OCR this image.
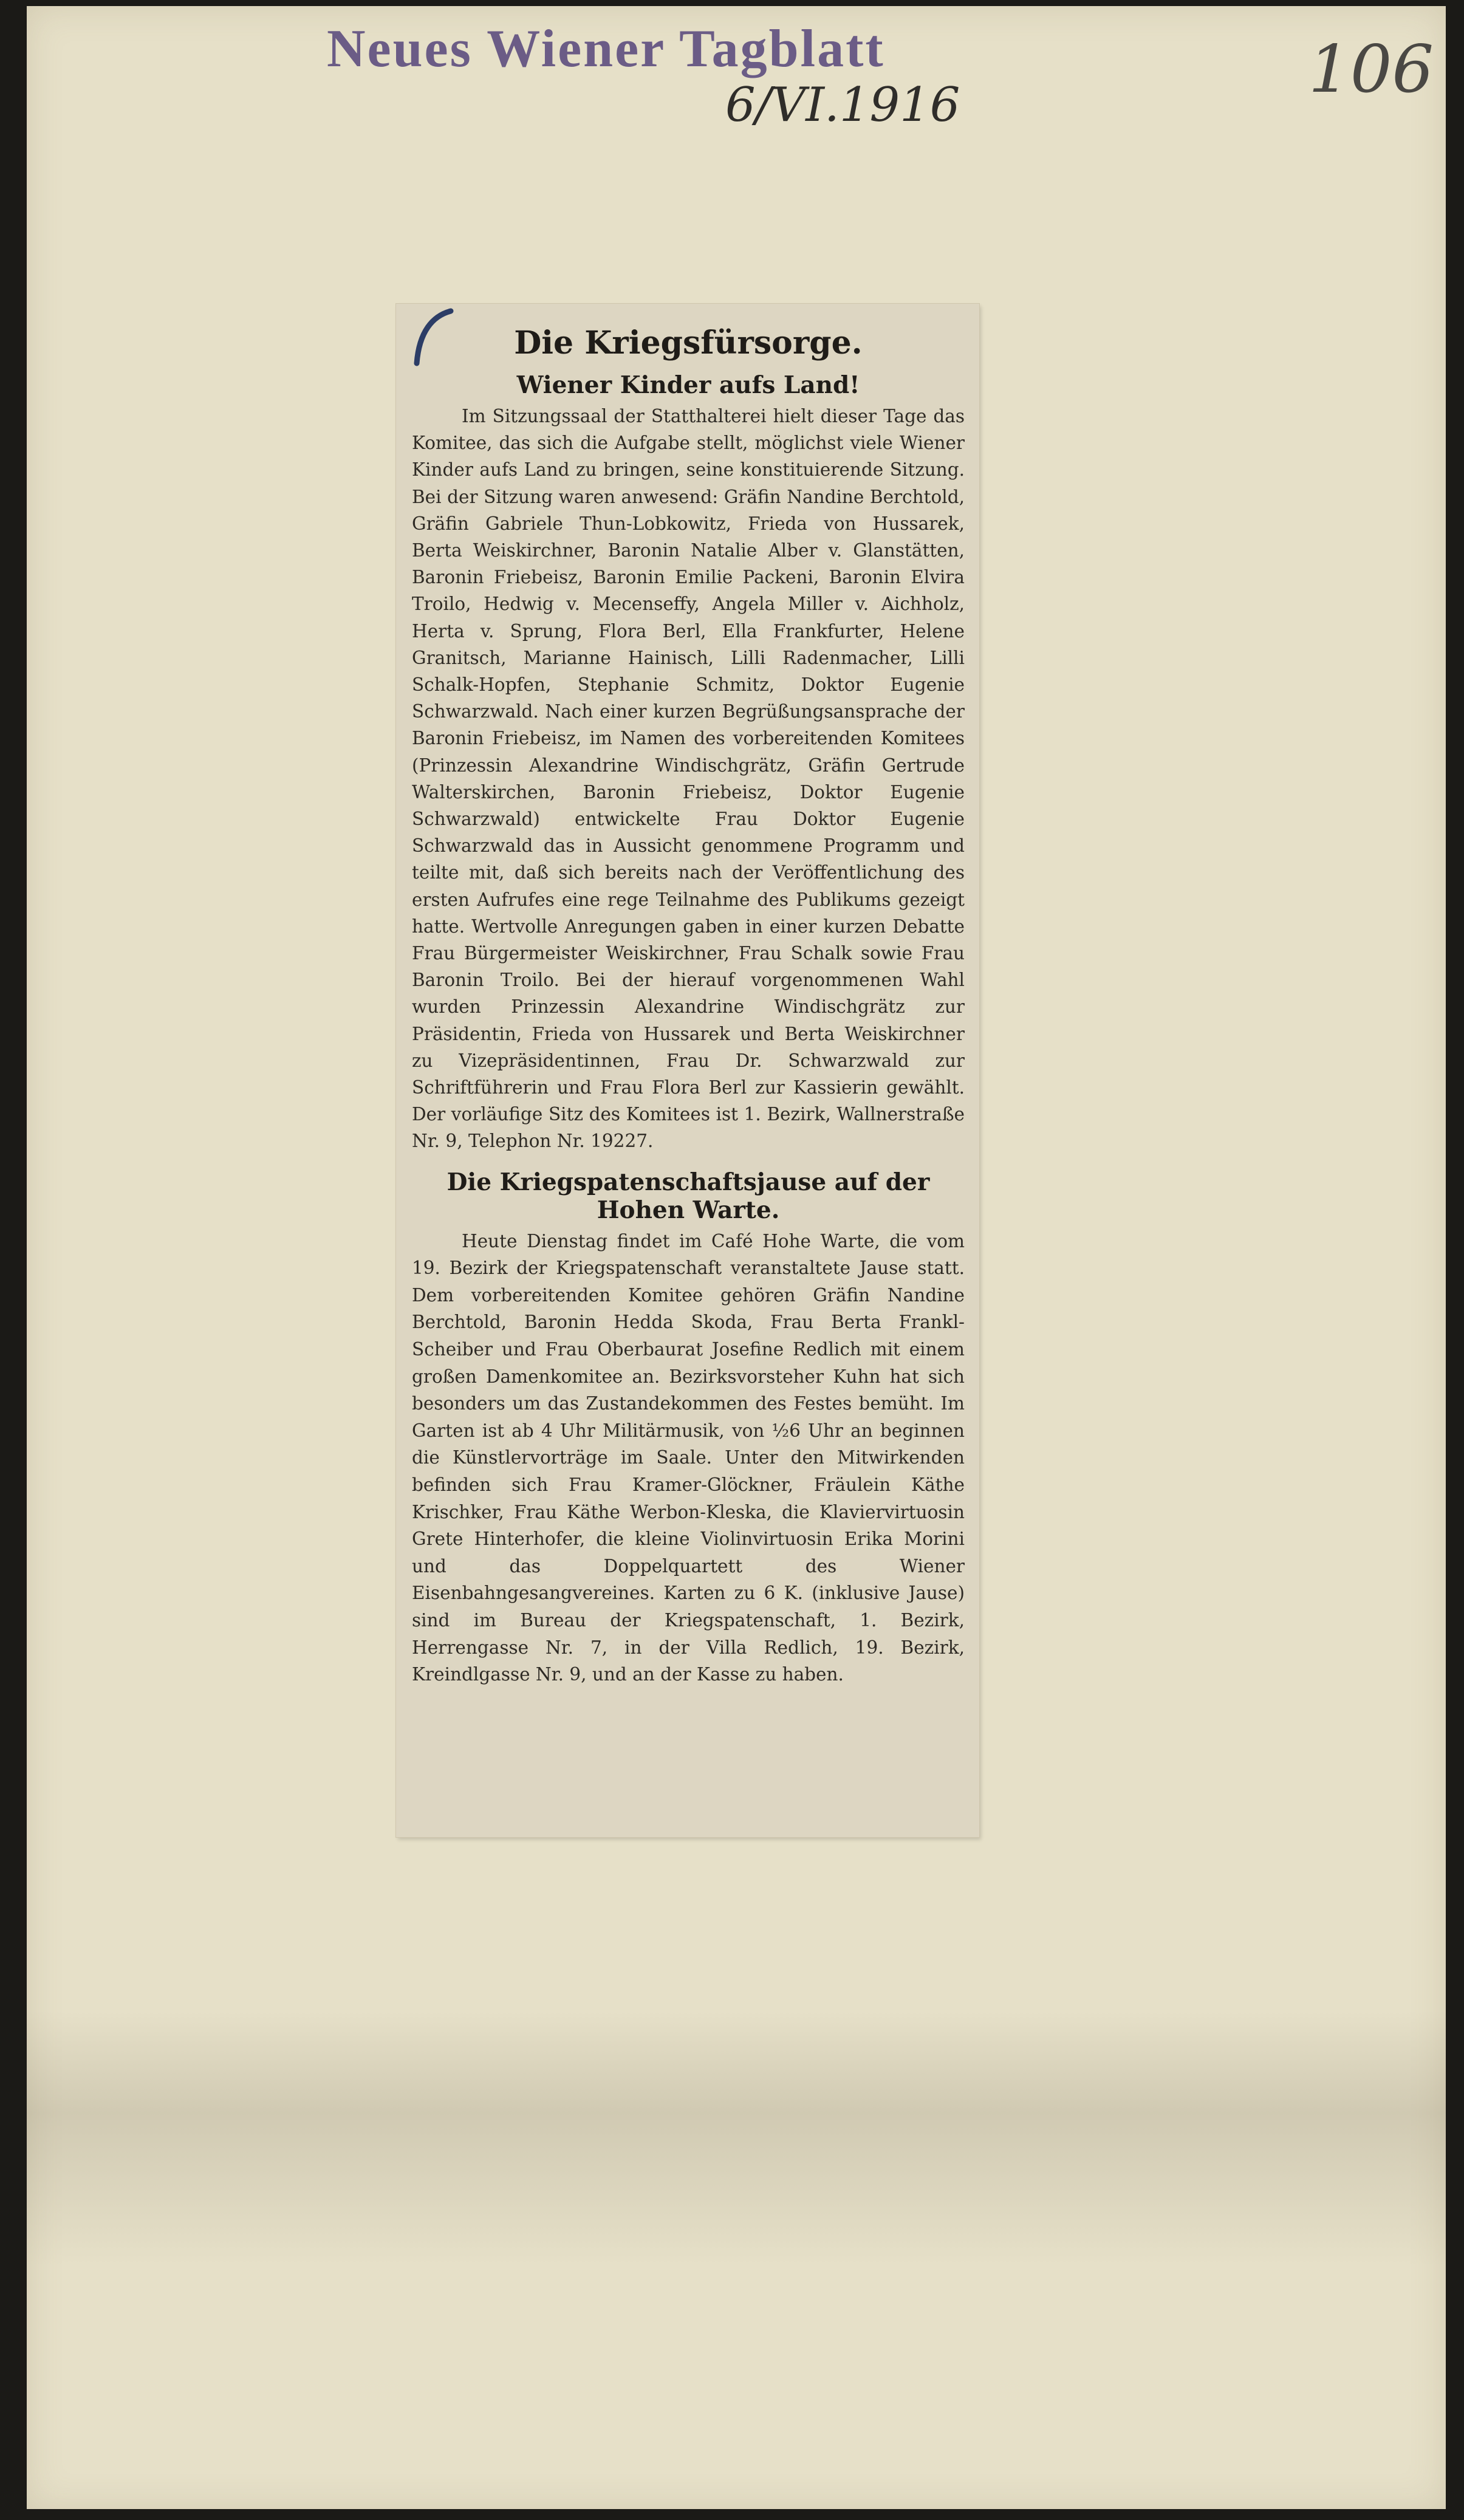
Neues Wiener Tagblatt
6/VI.1916	106
Die Kriegsfürsorge.
Wiener Kinder aufs Land!

Im Sitzungssaal der Statthalterei hielt dieser Tage das Komitee, das sich die Aufgabe stellt, möglichst viele Wiener Kinder aufs Land zu bringen, seine konstituierende Sitzung. Bei der Sitzung waren anwesend: Gräfin Nandine Berchtold, Gräfin Gabriele Thun-Lobkowitz, Frieda von Hussarek, Berta Weiskirchner, Baronin Natalie Alber v. Glanstätten, Baronin Friebeisz, Baronin Emilie Packeni, Baronin Elvira Troilo, Hedwig v. Mecenseffy, Angela Miller v. Aichholz, Herta v. Sprung, Flora Berl, Ella Frankfurter, Helene Granitsch, Marianne Hainisch, Lilli Radenmacher, Lilli Schalk-Hopfen, Stephanie Schmitz, Doktor Eugenie Schwarzwald. Nach einer kurzen Begrüßungsansprache der Baronin Friebeisz, im Namen des vorbereitenden Komitees (Prinzessin Alexandrine Windischgrätz, Gräfin Gertrude Walterskirchen, Baronin Friebeisz, Doktor Eugenie Schwarzwald) entwickelte Frau Doktor Eugenie Schwarzwald das in Aussicht genommene Programm und teilte mit, daß sich bereits nach der Veröffentlichung des ersten Aufrufes eine rege Teilnahme des Publikums gezeigt hatte. Wertvolle Anregungen gaben in einer kurzen Debatte Frau Bürgermeister Weiskirchner, Frau Schalk sowie Frau Baronin Troilo. Bei der hierauf vorgenommenen Wahl wurden Prinzessin Alexandrine Windischgrätz zur Präsidentin, Frieda von Hussarek und Berta Weiskirchner zu Vizepräsidentinnen, Frau Dr. Schwarzwald zur Schriftführerin und Frau Flora Berl zur Kassierin gewählt. Der vorläufige Sitz des Komitees ist 1. Bezirk, Wallnerstraße Nr. 9, Telephon Nr. 19227.

Die Kriegspatenschaftsjause auf der Hohen Warte.

Heute Dienstag findet im Café Hohe Warte, die vom 19. Bezirk der Kriegspatenschaft veranstaltete Jause statt. Dem vorbereitenden Komitee gehören Gräfin Nandine Berchtold, Baronin Hedda Skoda, Frau Berta Frankl-Scheiber und Frau Oberbaurat Josefine Redlich mit einem großen Damenkomitee an. Bezirksvorsteher Kuhn hat sich besonders um das Zustandekommen des Festes bemüht. Im Garten ist ab 4 Uhr Militärmusik, von ½6 Uhr an beginnen die Künstlervorträge im Saale. Unter den Mitwirkenden befinden sich Frau Kramer-Glöckner, Fräulein Käthe Krischker, Frau Käthe Werbon-Kleska, die Klaviervirtuosin Grete Hinterhofer, die kleine Violinvirtuosin Erika Morini und das Doppelquartett des Wiener Eisenbahngesangvereines. Karten zu 6 K. (inklusive Jause) sind im Bureau der Kriegspatenschaft, 1. Bezirk, Herrengasse Nr. 7, in der Villa Redlich, 19. Bezirk, Kreindlgasse Nr. 9, und an der Kasse zu haben.
